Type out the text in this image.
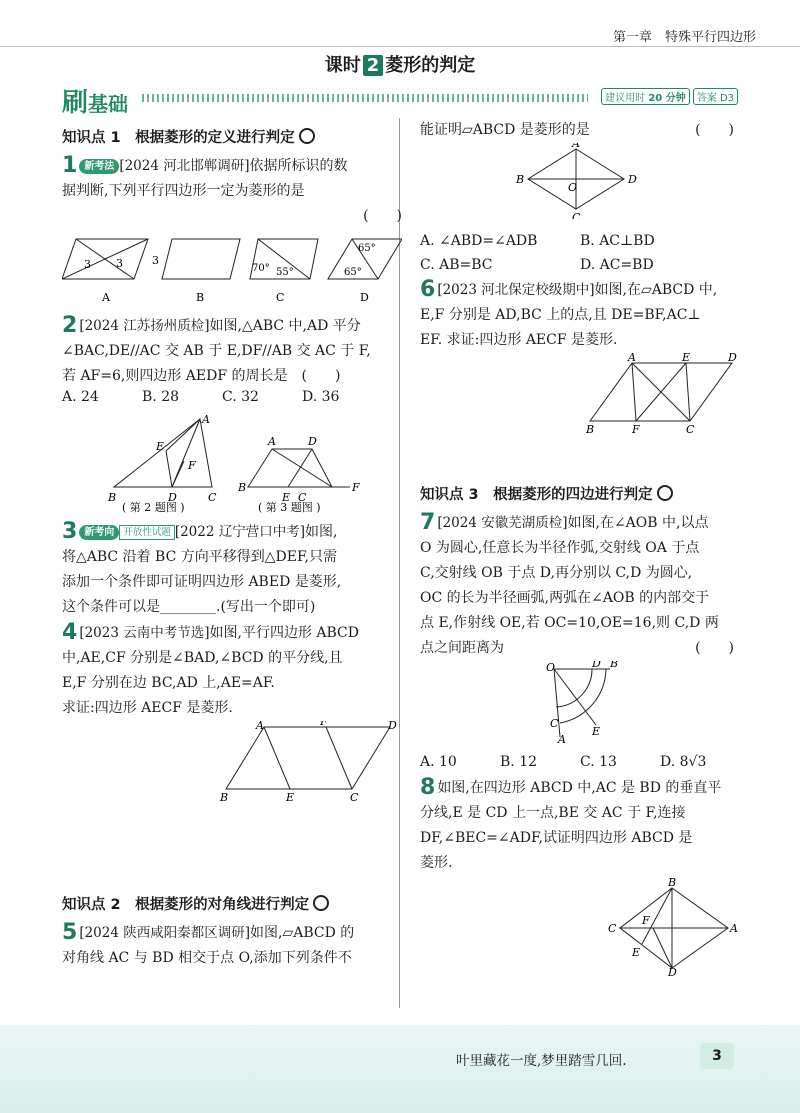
第一章　特殊平行四边形
课时 2 菱形的判定
刷基础	建议用时 20 分钟 答案 D3
知识点 1　根据菱形的定义进行判定

1 新考法 [2024 河北邯郸调研]依据所标识的数
据判断,下列平行四边形一定为菱形的是

(　　)

3 3	3
70° 55°
65°
65°
A	B	C	D

2 [2024 江苏扬州质检]如图,△ABC 中,AD 平分
∠BAC,DE//AC 交 AB 于 E,DF//AB 交 AC 于 F,
若 AF=6,则四边形 AEDF 的周长是　 (　　)

A. 24	B. 28	C. 32	D. 36
A
E
F
B	D	C
A	D
B
E C
F
( 第 2 题图 )	( 第 3 题图 )

3 新考向 开放性试题 [2022 辽宁营口中考]如图,
将△ABC 沿着 BC 方向平移得到△DEF,只需
添加一个条件即可证明四边形 ABED 是菱形,
这个条件可以是________.(写出一个即可)

4 [2023 云南中考节选]如图,平行四边形 ABCD
中,AE,CF 分别是∠BAD,∠BCD 的平分线,且
E,F 分别在边 BC,AD 上,AE=AF.
求证:四边形 AECF 是菱形.

A	F	D
B	E	C
知识点 2　根据菱形的对角线进行判定

5 [2024 陕西咸阳秦都区调研]如图,▱ABCD 的
对角线 AC 与 BD 相交于点 O,添加下列条件不

能证明▱ABCD 是菱形的是	(　　)

A
B
O
D
C
A. ∠ABD=∠ADB	B. AC⊥BD
C. AB=BC	D. AC=BD

6 [2023 河北保定校级期中]如图,在▱ABCD 中,
E,F 分别是 AD,BC 上的点,且 DE=BF,AC⊥
EF. 求证:四边形 AECF 是菱形.

A	E	D
B	F	C
知识点 3　根据菱形的四边进行判定

7 [2024 安徽芜湖质检]如图,在∠AOB 中,以点
O 为圆心,任意长为半径作弧,交射线 OA 于点
C,交射线 OB 于点 D,再分别以 C,D 为圆心,
OC 的长为半径画弧,两弧在∠AOB 的内部交于
点 E,作射线 OE,若 OC=10,OE=16,则 C,D 两
点之间距离为	(　　)

O	D B
C
A
E
A. 10	B. 12	C. 13	D. 8√3

8 如图,在四边形 ABCD 中,AC 是 BD 的垂直平
分线,E 是 CD 上一点,BE 交 AC 于 F,连接
DF,∠BEC=∠ADF,试证明四边形 ABCD 是
菱形.

B
C
F
A
E
D
叶里藏花一度,梦里踏雪几回.	3
